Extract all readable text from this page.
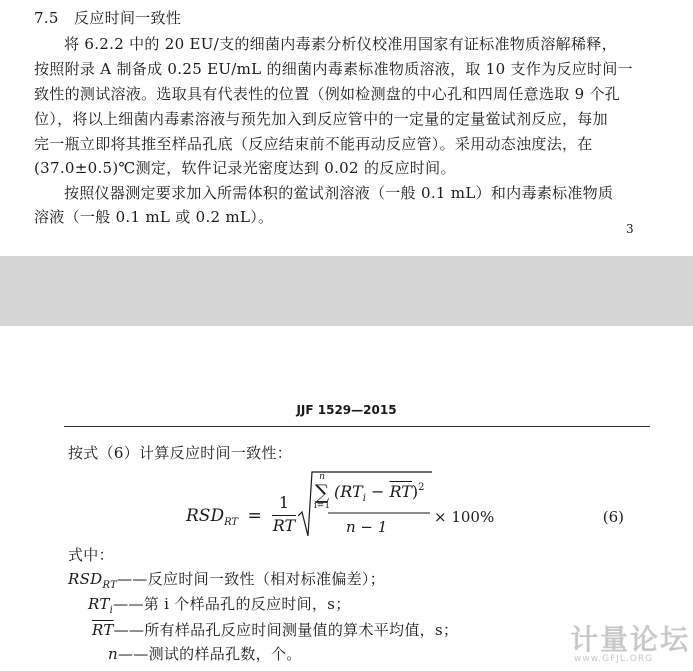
7.5　反应时间一致性
将 6.2.2 中的 20 EU/支的细菌内毒素分析仪校准用国家有证标准物质溶解稀释，
按照附录 A 制备成 0.25 EU/mL 的细菌内毒素标准物质溶液，取 10 支作为反应时间一
致性的测试溶液。选取具有代表性的位置（例如检测盘的中心孔和四周任意选取 9 个孔
位），将以上细菌内毒素溶液与预先加入到反应管中的一定量的定量鲎试剂反应，每加
完一瓶立即将其推至样品孔底（反应结束前不能再动反应管）。采用动态浊度法，在
(37.0±0.5)℃测定，软件记录光密度达到 0.02 的反应时间。
按照仪器测定要求加入所需体积的鲎试剂溶液（一般 0.1 mL）和内毒素标准物质
溶液（一般 0.1 mL 或 0.2 mL）。
3
JJF 1529—2015
按式（6）计算反应时间一致性：
$RSD_{RT}$ =
1
$\overline{RT}$
n
∑
i=1
$(RT_i - \overline{RT})^2$
n − 1
× 100%	(6)
式中：
$RSD_{RT}——$反应时间一致性（相对标准偏差）；
$RT_i——$第 i 个样品孔的反应时间，s；
$\overline{RT}——$所有样品孔反应时间测量值的算术平均值，s；
n——测试的样品孔数，个。	计量论坛
www.GFJL.ORG
